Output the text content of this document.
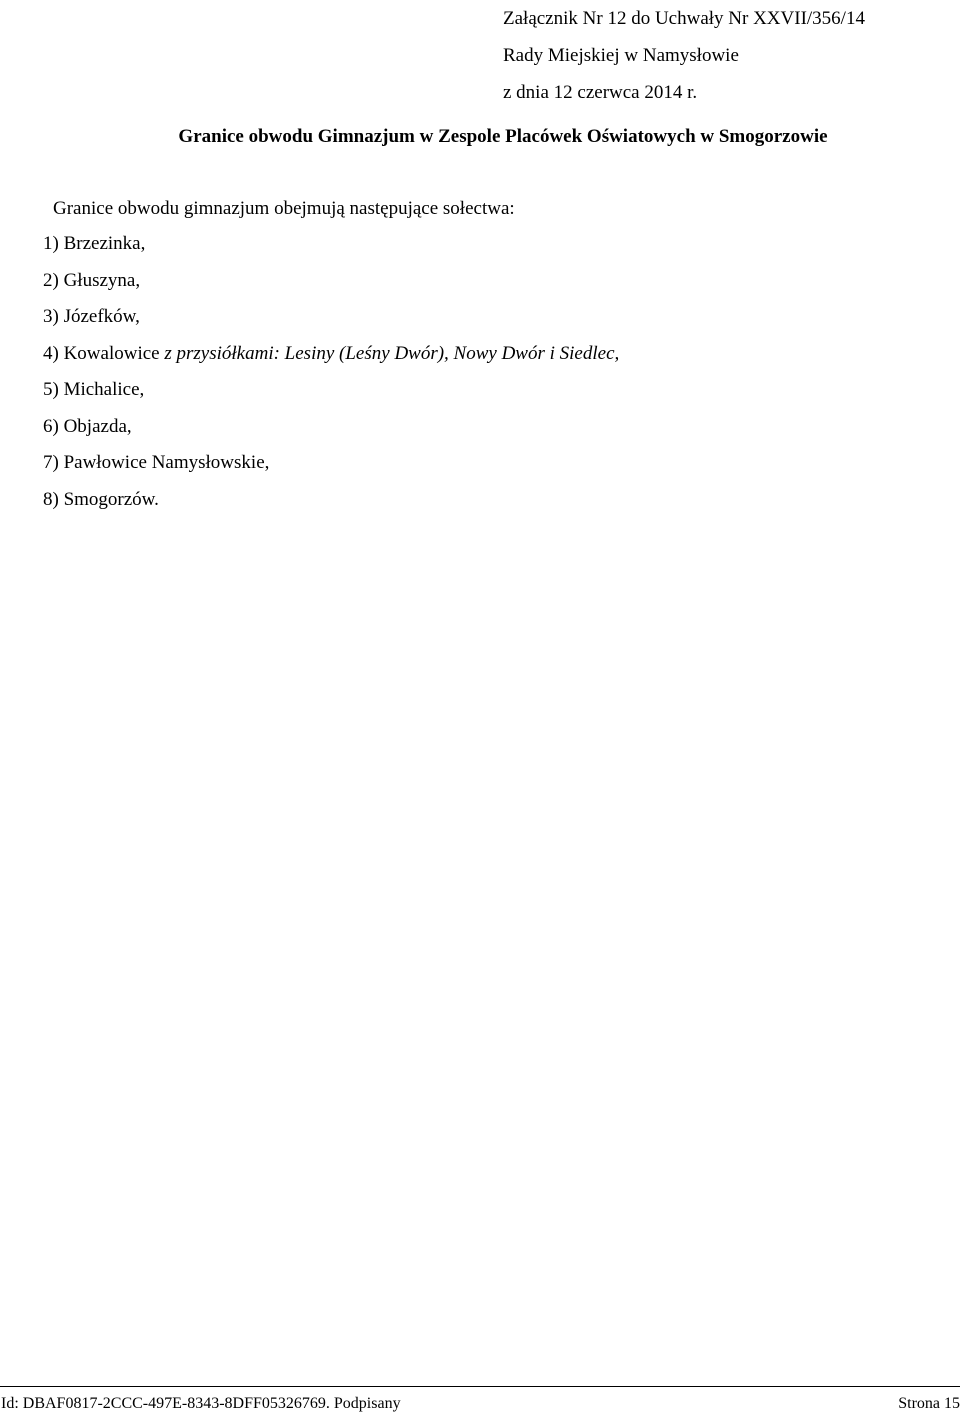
Załącznik Nr 12 do Uchwały Nr XXVII/356/14
Rady Miejskiej w Namysłowie
z dnia 12 czerwca 2014 r.
Granice obwodu Gimnazjum w Zespole Placówek Oświatowych w Smogorzowie
Granice obwodu gimnazjum obejmują następujące sołectwa:
1) Brzezinka,
2) Głuszyna,
3) Józefków,
4) Kowalowice z przysiółkami: Lesiny (Leśny Dwór), Nowy Dwór i Siedlec,
5) Michalice,
6) Objazda,
7) Pawłowice Namysłowskie,
8) Smogorzów.
Id: DBAF0817-2CCC-497E-8343-8DFF05326769. Podpisany	Strona 15
